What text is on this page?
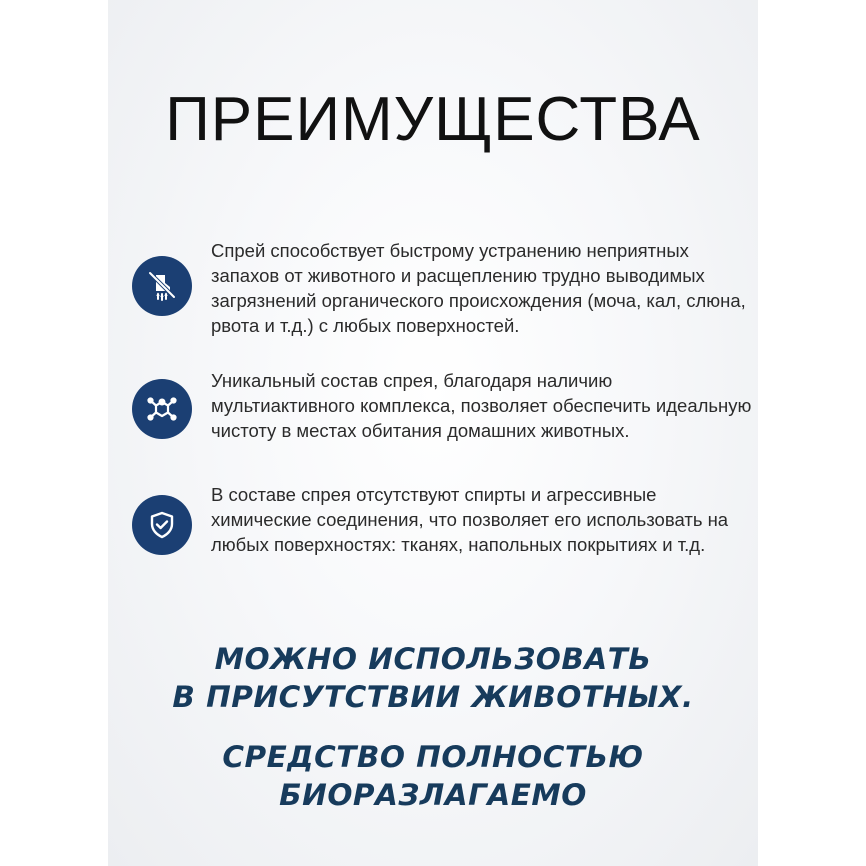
ПРЕИМУЩЕСТВА

Спрей способствует быстрому устранению неприятных запахов от животного и расщеплению трудно выводимых загрязнений органического происхождения (моча, кал, слюна, рвота и т.д.) с любых поверхностей.

Уникальный состав спрея, благодаря наличию мультиактивного комплекса, позволяет обеспечить идеальную чистоту в местах обитания домашних животных.

В составе спрея отсутствуют спирты и агрессивные химические соединения, что позволяет его использовать на любых поверхностях: тканях, напольных покрытиях и т.д.

МОЖНО ИСПОЛЬЗОВАТЬ
В ПРИСУТСТВИИ ЖИВОТНЫХ.

СРЕДСТВО ПОЛНОСТЬЮ
БИОРАЗЛАГАЕМО
